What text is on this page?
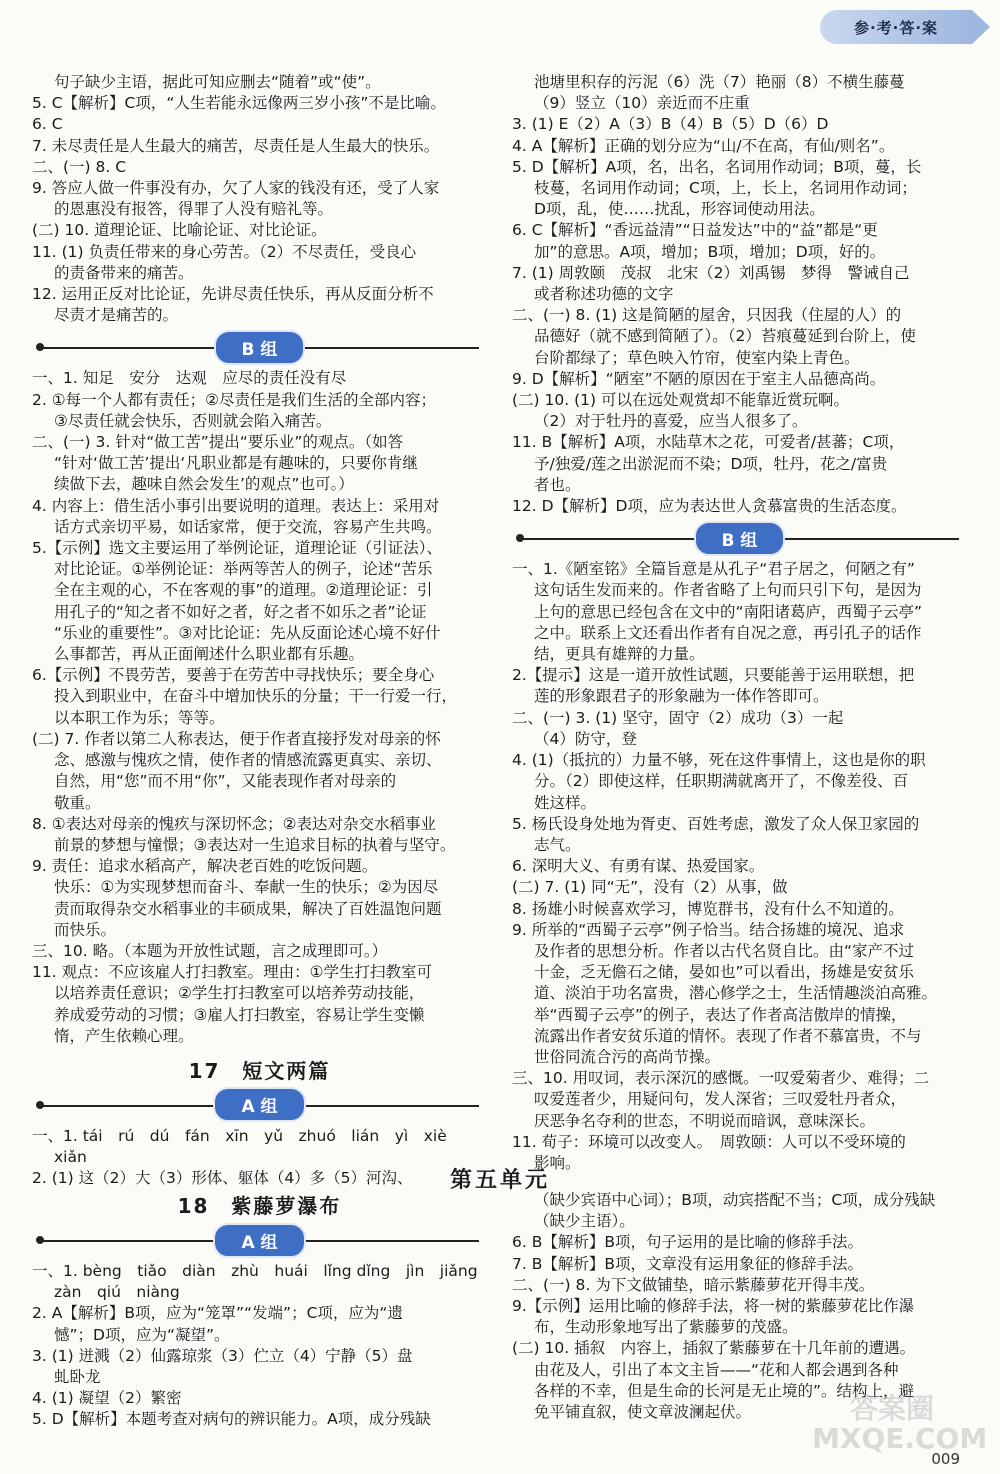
参·考·答·案
句子缺少主语，据此可知应删去“随着”或“使”。
5. C【解析】C项，“人生若能永远像两三岁小孩”不是比喻。
6. C
7. 未尽责任是人生最大的痛苦，尽责任是人生最大的快乐。
二、(一) 8. C
9. 答应人做一件事没有办，欠了人家的钱没有还，受了人家
的恩惠没有报答，得罪了人没有赔礼等。
(二) 10. 道理论证、比喻论证、对比论证。
11. (1) 负责任带来的身心劳苦。（2）不尽责任，受良心
的责备带来的痛苦。
12. 运用正反对比论证，先讲尽责任快乐，再从反面分析不
尽责才是痛苦的。
B 组
一、1. 知足　安分　达观　应尽的责任没有尽
2. ①每一个人都有责任；②尽责任是我们生活的全部内容；
③尽责任就会快乐，否则就会陷入痛苦。
二、(一) 3. 针对“做工苦”提出“要乐业”的观点。（如答
“针对‘做工苦’提出‘凡职业都是有趣味的，只要你肯继
续做下去，趣味自然会发生’的观点”也可。）
4. 内容上：借生活小事引出要说明的道理。表达上：采用对
话方式亲切平易，如话家常，便于交流，容易产生共鸣。
5.【示例】选文主要运用了举例论证，道理论证（引证法）、
对比论证。①举例论证：举两等苦人的例子，论述“苦乐
全在主观的心，不在客观的事”的道理。②道理论证：引
用孔子的“知之者不如好之者，好之者不如乐之者”论证
“乐业的重要性”。③对比论证：先从反面论述心境不好什
么事都苦，再从正面阐述什么职业都有乐趣。
6.【示例】不畏劳苦，要善于在劳苦中寻找快乐；要全身心
投入到职业中，在奋斗中增加快乐的分量；干一行爱一行，
以本职工作为乐；等等。
(二) 7. 作者以第二人称表达，便于作者直接抒发对母亲的怀
念、感激与愧疚之情，使作者的情感流露更真实、亲切、
自然，用“您”而不用“你”，又能表现作者对母亲的
敬重。
8. ①表达对母亲的愧疚与深切怀念；②表达对杂交水稻事业
前景的梦想与憧憬；③表达对一生追求目标的执着与坚守。
9. 责任：追求水稻高产，解决老百姓的吃饭问题。
快乐：①为实现梦想而奋斗、奉献一生的快乐；②为因尽
责而取得杂交水稻事业的丰硕成果，解决了百姓温饱问题
而快乐。
三、10. 略。（本题为开放性试题，言之成理即可。）
11. 观点：不应该雇人打扫教室。理由：①学生打扫教室可
以培养责任意识；②学生打扫教室可以培养劳动技能，
养成爱劳动的习惯；③雇人打扫教室，容易让学生变懒
惰，产生依赖心理。
17　短文两篇
A 组
一、1. tái　rú　dú　fán　xīn　yǔ　zhuó　lián　yì　xiè
xiǎn
2. (1) 这（2）大（3）形体、躯体（4）多（5）河沟、
池塘里积存的污泥（6）洗（7）艳丽（8）不横生藤蔓
（9）竖立（10）亲近而不庄重
3. (1) E（2）A（3）B（4）B（5）D（6）D
4. A【解析】正确的划分应为“山/不在高，有仙/则名”。
5. D【解析】A项，名，出名，名词用作动词；B项，蔓，长
枝蔓，名词用作动词；C项，上，长上，名词用作动词；
D项，乱，使……扰乱，形容词使动用法。
6. C【解析】“香远益清”“日益发达”中的“益”都是“更
加”的意思。A项，增加；B项，增加；D项，好的。
7. (1) 周敦颐　茂叔　北宋（2）刘禹锡　梦得　警诫自己
或者称述功德的文字
二、(一) 8. (1) 这是简陋的屋舍，只因我（住屋的人）的
品德好（就不感到简陋了）。（2）苔痕蔓延到台阶上，使
台阶都绿了；草色映入竹帘，使室内染上青色。
9. D【解析】“陋室”不陋的原因在于室主人品德高尚。
(二) 10. (1) 可以在远处观赏却不能靠近赏玩啊。
（2）对于牡丹的喜爱，应当人很多了。
11. B【解析】A项，水陆草木之花，可爱者/甚蕃；C项，
予/独爱/莲之出淤泥而不染；D项，牡丹，花之/富贵
者也。
12. D【解析】D项，应为表达世人贪慕富贵的生活态度。
B 组
一、1.《陋室铭》全篇旨意是从孔子“君子居之，何陋之有”
这句话生发而来的。作者省略了上句而只引下句，是因为
上句的意思已经包含在文中的“南阳诸葛庐，西蜀子云亭”
之中。联系上文还看出作者有自况之意，再引孔子的话作
结，更具有雄辩的力量。
2.【提示】这是一道开放性试题，只要能善于运用联想，把
莲的形象跟君子的形象融为一体作答即可。
二、(一) 3. (1) 坚守，固守（2）成功（3）一起
（4）防守，登
4. (1)（抵抗的）力量不够，死在这件事情上，这也是你的职
分。（2）即使这样，任职期满就离开了，不像差役、百
姓这样。
5. 杨氏设身处地为胥吏、百姓考虑，激发了众人保卫家园的
志气。
6. 深明大义、有勇有谋、热爱国家。
(二) 7. (1) 同“无”，没有（2）从事，做
8. 扬雄小时候喜欢学习，博览群书，没有什么不知道的。
9. 所举的“西蜀子云亭”例子恰当。结合扬雄的境况、追求
及作者的思想分析。作者以古代名贤自比。由“家产不过
十金，乏无儋石之储，晏如也”可以看出，扬雄是安贫乐
道、淡泊于功名富贵，潜心修学之士，生活情趣淡泊高雅。
举“西蜀子云亭”的例子，表达了作者高洁傲岸的情操，
流露出作者安贫乐道的情怀。表现了作者不慕富贵，不与
世俗同流合污的高尚节操。
三、10. 用叹词，表示深沉的感慨。一叹爱菊者少、难得；二
叹爱莲者少，用疑问句，发人深省；三叹爱牡丹者众，
厌恶争名夺利的世态，不明说而暗讽，意味深长。
11. 荀子：环境可以改变人。　周敦颐：人可以不受环境的
影响。
第五单元
18　紫藤萝瀑布
A 组
一、1. bèng　tiǎo　diàn　zhù　huái　lǐng dǐng　jìn　jiǎng
zàn　qiú　niàng
2. A【解析】B项，应为“笼罩”“发端”；C项，应为“遗
憾”；D项，应为“凝望”。
3. (1) 迸溅（2）仙露琼浆（3）伫立（4）宁静（5）盘
虬卧龙
4. (1) 凝望（2）繁密
5. D【解析】本题考查对病句的辨识能力。A项，成分残缺
（缺少宾语中心词）；B项，动宾搭配不当；C项，成分残缺
（缺少主语）。
6. B【解析】B项，句子运用的是比喻的修辞手法。
7. B【解析】B项，文章没有运用象征的修辞手法。
二、(一) 8. 为下文做铺垫，暗示紫藤萝花开得丰茂。
9.【示例】运用比喻的修辞手法，将一树的紫藤萝花比作瀑
布，生动形象地写出了紫藤萝的茂盛。
(二) 10. 插叙　内容上，插叙了紫藤萝在十几年前的遭遇。
由花及人，引出了本文主旨——“花和人都会遇到各种
各样的不幸，但是生命的长河是无止境的”。结构上，避
免平铺直叙，使文章波澜起伏。	答案圈 MXQE.COM
009
